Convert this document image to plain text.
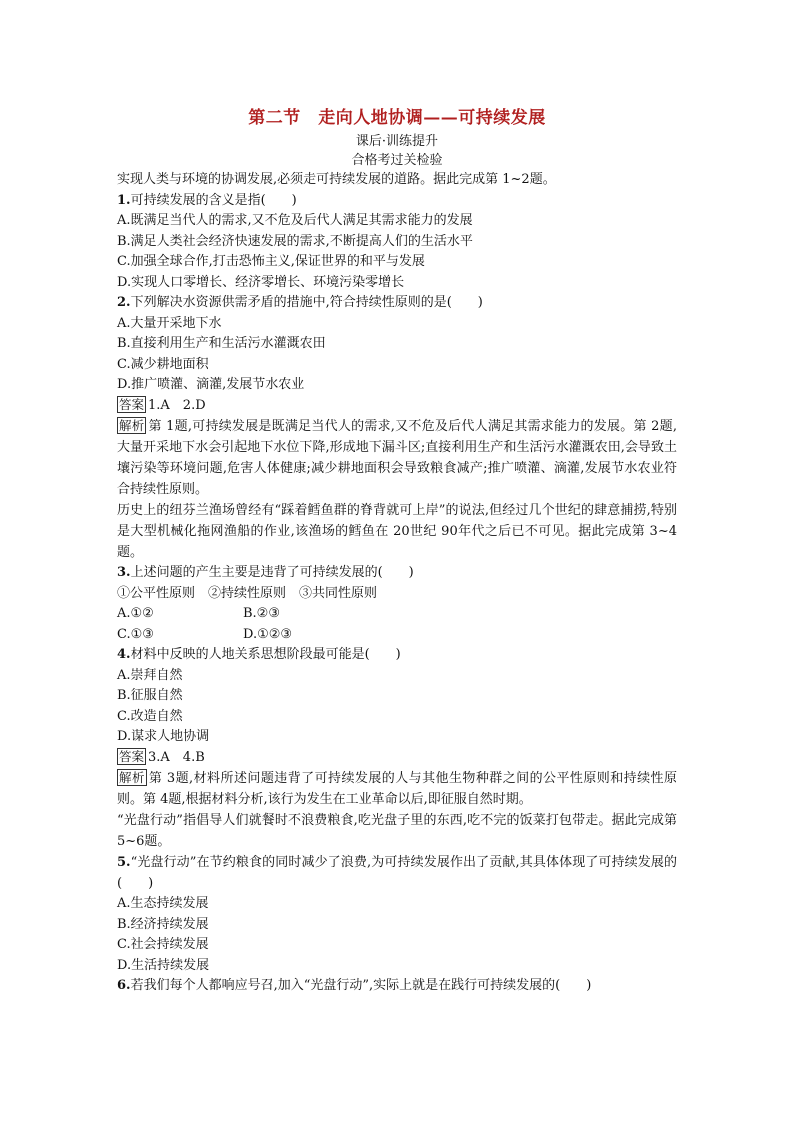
第二节　走向人地协调——可持续发展
课后·训练提升
合格考过关检验
实现人类与环境的协调发展,必须走可持续发展的道路。据此完成第 1~2题。
1.可持续发展的含义是指(　　)
A.既满足当代人的需求,又不危及后代人满足其需求能力的发展
B.满足人类社会经济快速发展的需求,不断提高人们的生活水平
C.加强全球合作,打击恐怖主义,保证世界的和平与发展
D.实现人口零增长、经济零增长、环境污染零增长
2.下列解决水资源供需矛盾的措施中,符合持续性原则的是(　　)
A.大量开采地下水
B.直接利用生产和生活污水灌溉农田
C.减少耕地面积
D.推广喷灌、滴灌,发展节水农业
答案 1.A　2.D
解析 第 1题,可持续发展是既满足当代人的需求,又不危及后代人满足其需求能力的发展。第 2题,大量开采地下水会引起地下水位下降,形成地下漏斗区;直接利用生产和生活污水灌溉农田,会导致土壤污染等环境问题,危害人体健康;减少耕地面积会导致粮食减产;推广喷灌、滴灌,发展节水农业符合持续性原则。
历史上的纽芬兰渔场曾经有“踩着鳕鱼群的脊背就可上岸”的说法,但经过几个世纪的肆意捕捞,特别是大型机械化拖网渔船的作业,该渔场的鳕鱼在 20世纪 90年代之后已不可见。据此完成第 3~4题。
3.上述问题的产生主要是违背了可持续发展的(　　)
①公平性原则　②持续性原则　③共同性原则
A.①②	B.②③
C.①③	D.①②③
4.材料中反映的人地关系思想阶段最可能是(　　)
A.崇拜自然
B.征服自然
C.改造自然
D.谋求人地协调
答案 3.A　4.B
解析 第 3题,材料所述问题违背了可持续发展的人与其他生物种群之间的公平性原则和持续性原则。第 4题,根据材料分析,该行为发生在工业革命以后,即征服自然时期。
“光盘行动”指倡导人们就餐时不浪费粮食,吃光盘子里的东西,吃不完的饭菜打包带走。据此完成第 5~6题。
5.“光盘行动”在节约粮食的同时减少了浪费,为可持续发展作出了贡献,其具体体现了可持续发展的(　　)
A.生态持续发展
B.经济持续发展
C.社会持续发展
D.生活持续发展
6.若我们每个人都响应号召,加入“光盘行动”,实际上就是在践行可持续发展的(　　)
